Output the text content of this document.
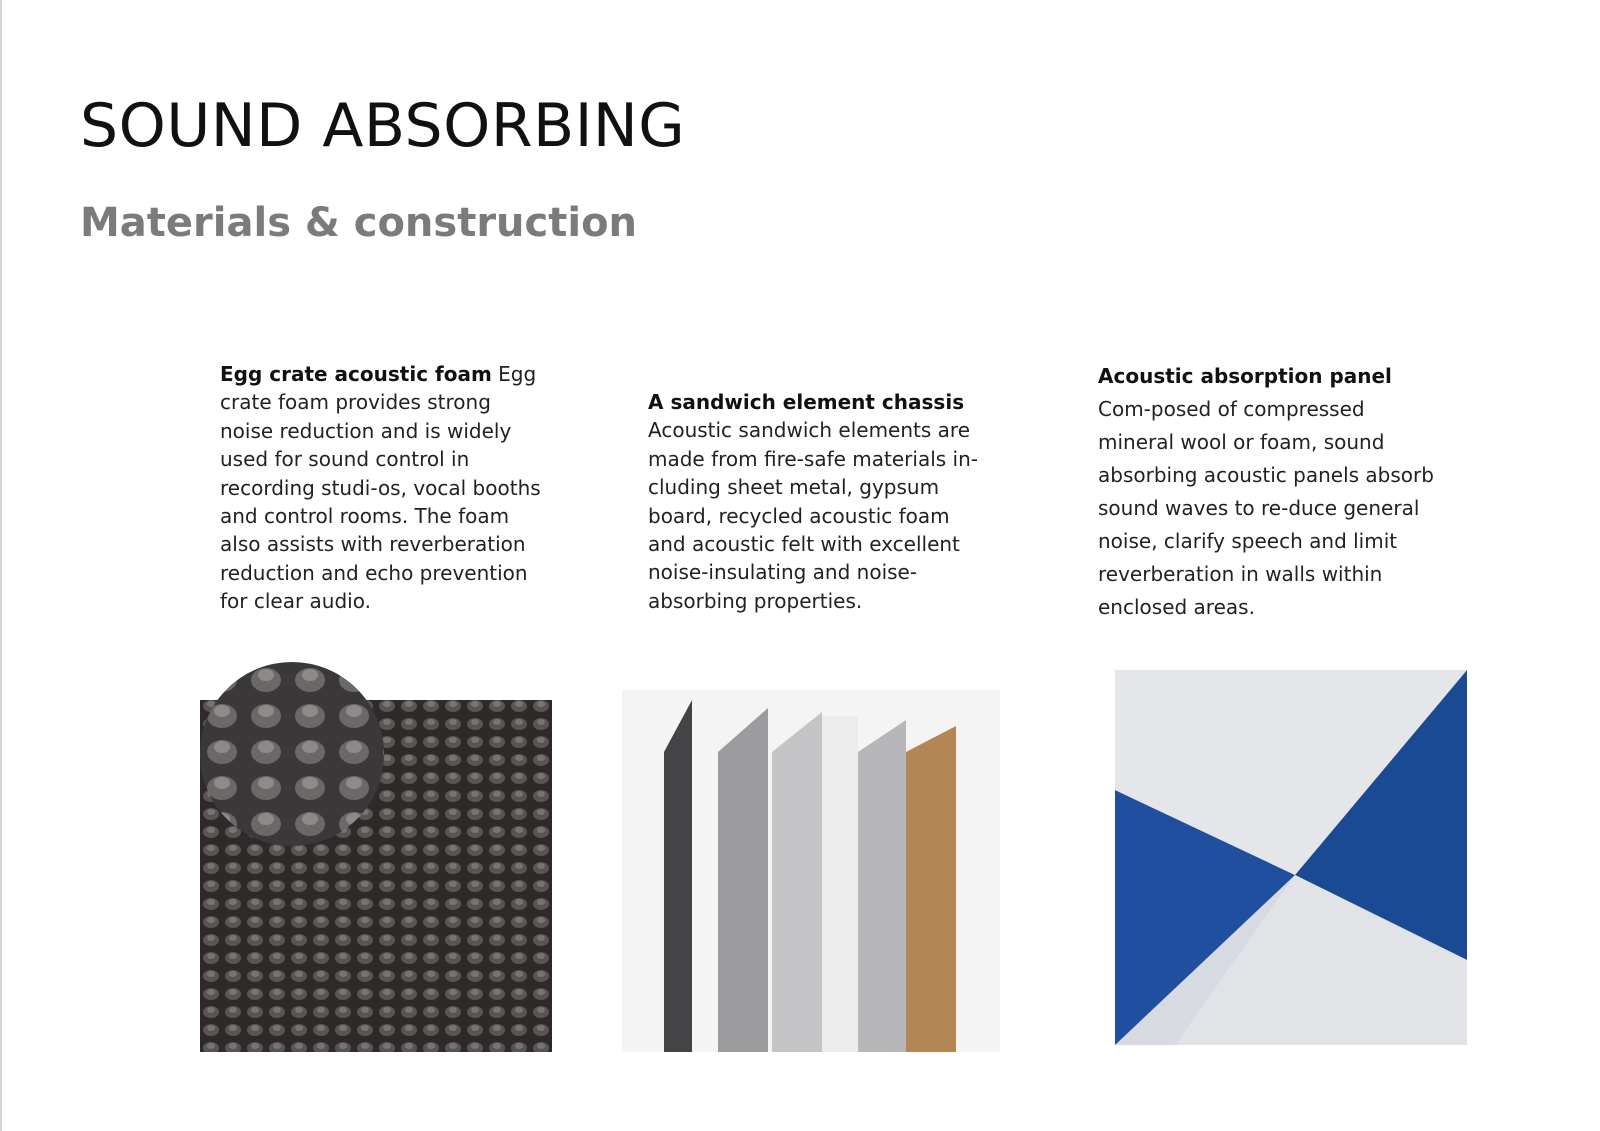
SOUND ABSORBING
Materials & construction

Egg crate acoustic foam Egg crate foam provides strong noise reduction and is widely used for sound control in recording studi-os, vocal booths and control rooms. The foam also assists with reverberation reduction and echo prevention for clear audio.

A sandwich element chassis
Acoustic sandwich elements are made from fire-safe materials in-cluding sheet metal, gypsum board, recycled acoustic foam and acoustic felt with excellent noise-insulating and noise-absorbing properties.

Acoustic absorption panel Com-posed of compressed mineral wool or foam, sound absorbing acoustic panels absorb sound waves to re-duce general noise, clarify speech and limit reverberation in walls within enclosed areas.
